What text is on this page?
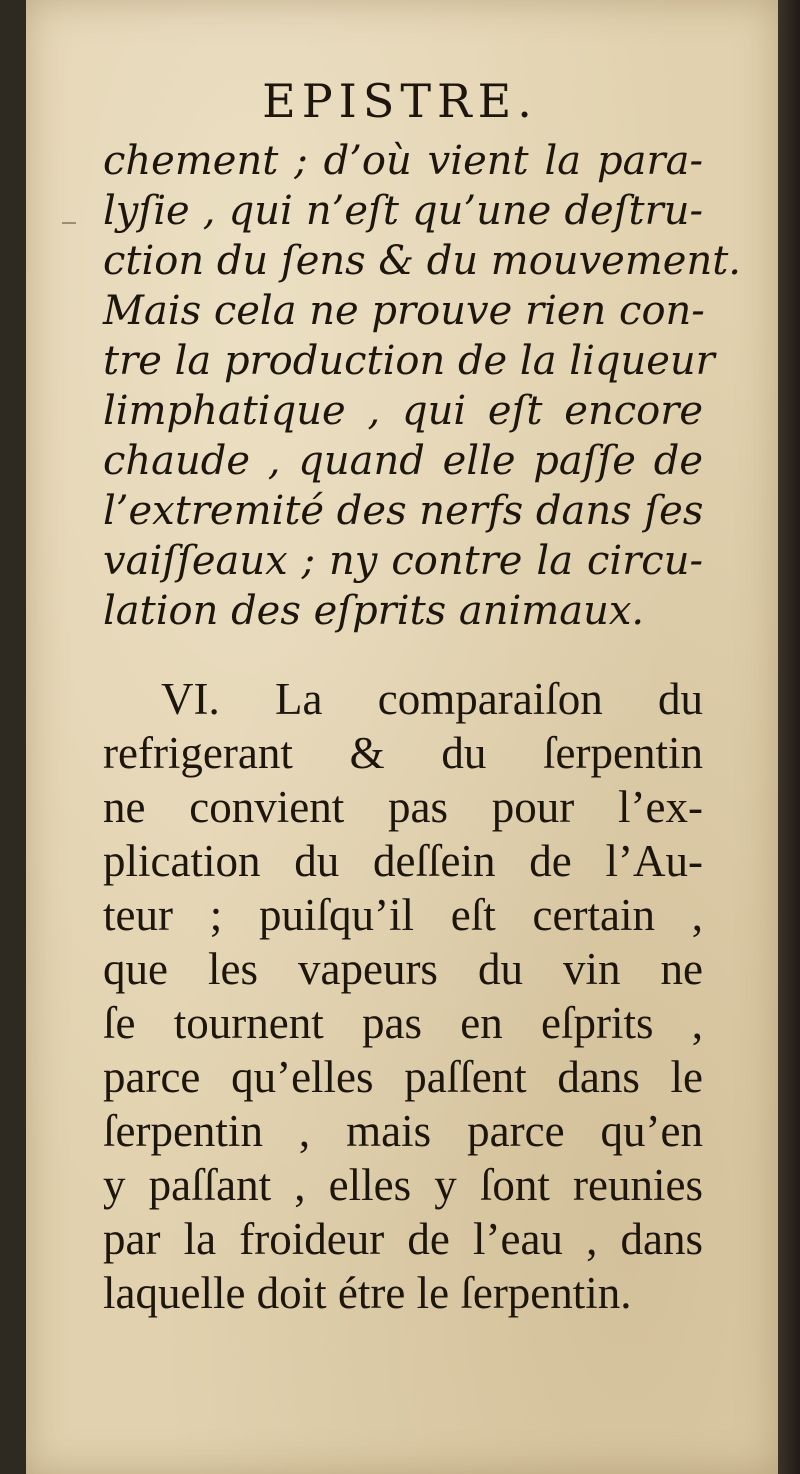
EPISTRE.
chement ; d’où vient la para-
lyſie , qui n’eſt qu’une deſtru-
ction du ſens & du mouvement.
Mais cela ne prouve rien con-
tre la production de la liqueur
limphatique , qui eſt encore
chaude , quand elle paſſe de
l’extremité des nerfs dans ſes
vaiſſeaux ; ny contre la circu-
lation des eſprits animaux.
VI. La comparaiſon du
refrigerant & du ſerpentin
ne convient pas pour l’ex-
plication du deſſein de l’Au-
teur ; puiſqu’il eſt certain ,
que les vapeurs du vin ne
ſe tournent pas en eſprits ,
parce qu’elles paſſent dans le
ſerpentin , mais parce qu’en
y paſſant , elles y ſont reunies
par la froideur de l’eau , dans
laquelle doit étre le ſerpentin.
